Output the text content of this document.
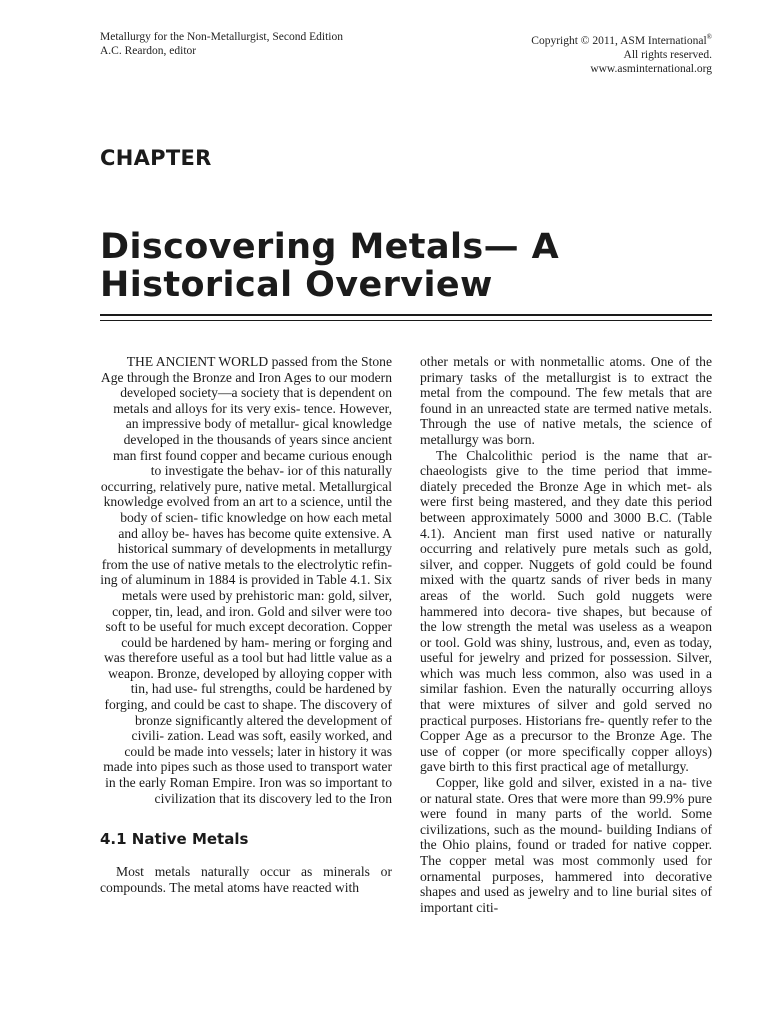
Metallurgy for the Non-Metallurgist, Second Edition
A.C. Reardon, editor
Copyright © 2011, ASM International®
All rights reserved.
www.asminternational.org
CHAPTER
Discovering Metals— A Historical Overview

THE ANCIENT WORLD passed from the Stone Age through the Bronze and Iron Ages to our modern developed society—a society that is dependent on metals and alloys for its very exis- tence. However, an impressive body of metallur- gical knowledge developed in the thousands of years since ancient man first found copper and became curious enough to investigate the behav- ior of this naturally occurring, relatively pure, native metal. Metallurgical knowledge evolved from an art to a science, until the body of scien- tific knowledge on how each metal and alloy be- haves has become quite extensive. A historical summary of developments in metallurgy from the use of native metals to the electrolytic refin- ing of aluminum in 1884 is provided in Table 4.1. Six metals were used by prehistoric man: gold, silver, copper, tin, lead, and iron. Gold and silver were too soft to be useful for much except decoration. Copper could be hardened by ham- mering or forging and was therefore useful as a tool but had little value as a weapon. Bronze, developed by alloying copper with tin, had use- ful strengths, could be hardened by forging, and could be cast to shape. The discovery of bronze significantly altered the development of civili- zation. Lead was soft, easily worked, and could be made into vessels; later in history it was made into pipes such as those used to transport water in the early Roman Empire. Iron was so important to civilization that its discovery led to the Iron

4.1 Native Metals

Most metals naturally occur as minerals or compounds. The metal atoms have reacted with

other metals or with nonmetallic atoms. One of the primary tasks of the metallurgist is to extract the metal from the compound. The few metals that are found in an unreacted state are termed native metals. Through the use of native metals, the science of metallurgy was born.

The Chalcolithic period is the name that ar- chaeologists give to the time period that imme- diately preceded the Bronze Age in which met- als were first being mastered, and they date this period between approximately 5000 and 3000 B.C. (Table 4.1). Ancient man first used native or naturally occurring and relatively pure metals such as gold, silver, and copper. Nuggets of gold could be found mixed with the quartz sands of river beds in many areas of the world. Such gold nuggets were hammered into decora- tive shapes, but because of the low strength the metal was useless as a weapon or tool. Gold was shiny, lustrous, and, even as today, useful for jewelry and prized for possession. Silver, which was much less common, also was used in a similar fashion. Even the naturally occurring alloys that were mixtures of silver and gold served no practical purposes. Historians fre- quently refer to the Copper Age as a precursor to the Bronze Age. The use of copper (or more specifically copper alloys) gave birth to this first practical age of metallurgy.

Copper, like gold and silver, existed in a na- tive or natural state. Ores that were more than 99.9% pure were found in many parts of the world. Some civilizations, such as the mound- building Indians of the Ohio plains, found or traded for native copper. The copper metal was most commonly used for ornamental purposes, hammered into decorative shapes and used as jewelry and to line burial sites of important citi-
